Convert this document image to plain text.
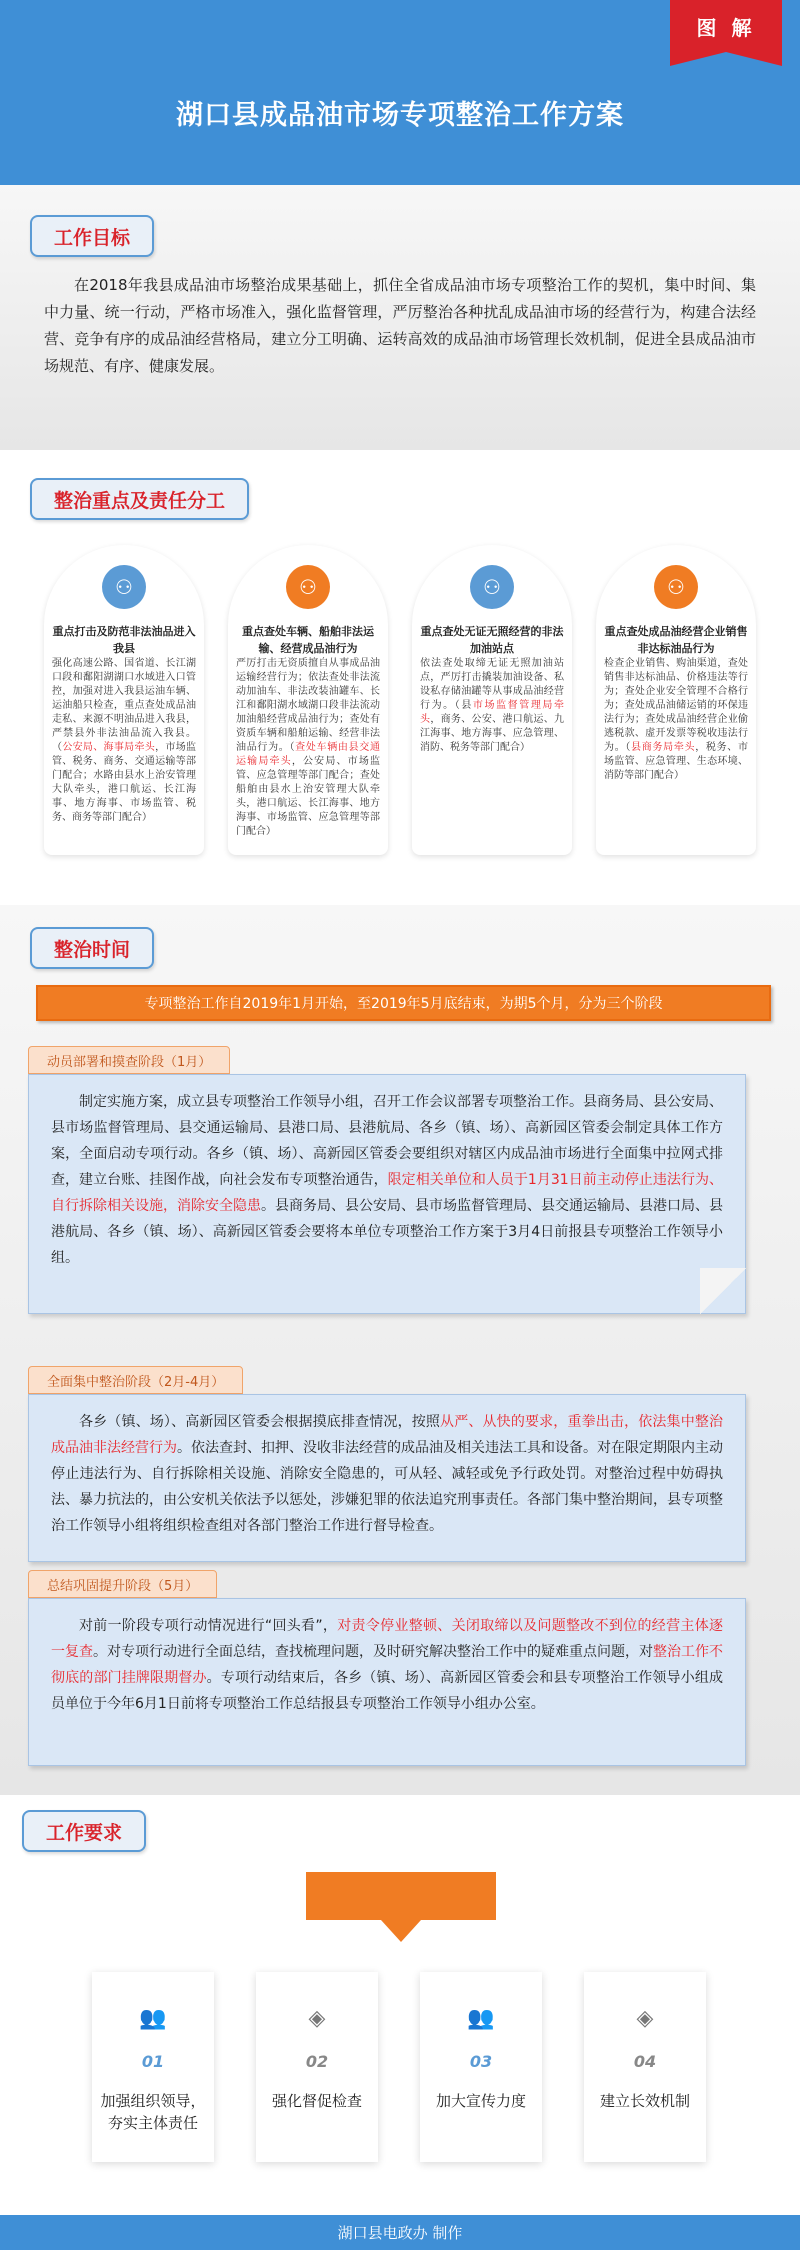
图 解
湖口县成品油市场专项整治工作方案
工作目标
在2018年我县成品油市场整治成果基础上，抓住全省成品油市场专项整治工作的契机，集中时间、集中力量、统一行动，严格市场准入，强化监督管理，严厉整治各种扰乱成品油市场的经营行为，构建合法经营、竞争有序的成品油经营格局，建立分工明确、运转高效的成品油市场管理长效机制，促进全县成品油市场规范、有序、健康发展。
整治重点及责任分工
⚇
重点打击及防范非法油品进入我县
强化高速公路、国省道、长江湖口段和鄱阳湖湖口水域进入口管控，加强对进入我县运油车辆、运油船只检查，重点查处成品油走私、来源不明油品进入我县，严禁县外非法油品流入我县。（公安局、海事局牵头，市场监管、税务、商务、交通运输等部门配合；水路由县水上治安管理大队牵头，港口航运、长江海事、地方海事、市场监管、税务、商务等部门配合）
⚇
重点查处车辆、船舶非法运输、经营成品油行为
严厉打击无资质擅自从事成品油运输经营行为；依法查处非法流动加油车、非法改装油罐车、长江和鄱阳湖水域湖口段非法流动加油船经营成品油行为；查处有资质车辆和船舶运输、经营非法油品行为。（查处车辆由县交通运输局牵头，公安局、市场监管、应急管理等部门配合；查处船舶由县水上治安管理大队牵头，港口航运、长江海事、地方海事、市场监管、应急管理等部门配合）
⚇
重点查处无证无照经营的非法加油站点
依法查处取缔无证无照加油站点，严厉打击撬装加油设备、私设私存储油罐等从事成品油经营行为。（县市场监督管理局牵头，商务、公安、港口航运、九江海事、地方海事、应急管理、消防、税务等部门配合）
⚇
重点查处成品油经营企业销售非达标油品行为
检查企业销售、购油渠道，查处销售非达标油品、价格违法等行为；查处企业安全管理不合格行为；查处成品油储运销的环保违法行为；查处成品油经营企业偷逃税款、虚开发票等税收违法行为。（县商务局牵头，税务、市场监管、应急管理、生态环境、消防等部门配合）
整治时间
专项整治工作自2019年1月开始，至2019年5月底结束，为期5个月，分为三个阶段
动员部署和摸查阶段（1月）
制定实施方案，成立县专项整治工作领导小组，召开工作会议部署专项整治工作。县商务局、县公安局、县市场监督管理局、县交通运输局、县港口局、县港航局、各乡（镇、场）、高新园区管委会制定具体工作方案，全面启动专项行动。各乡（镇、场）、高新园区管委会要组织对辖区内成品油市场进行全面集中拉网式排查，建立台账、挂图作战，向社会发布专项整治通告，限定相关单位和人员于1月31日前主动停止违法行为、自行拆除相关设施，消除安全隐患。县商务局、县公安局、县市场监督管理局、县交通运输局、县港口局、县港航局、各乡（镇、场）、高新园区管委会要将本单位专项整治工作方案于3月4日前报县专项整治工作领导小组。
全面集中整治阶段（2月-4月）
各乡（镇、场）、高新园区管委会根据摸底排查情况，按照从严、从快的要求，重拳出击，依法集中整治成品油非法经营行为。依法查封、扣押、没收非法经营的成品油及相关违法工具和设备。对在限定期限内主动停止违法行为、自行拆除相关设施、消除安全隐患的，可从轻、减轻或免予行政处罚。对整治过程中妨碍执法、暴力抗法的，由公安机关依法予以惩处，涉嫌犯罪的依法追究刑事责任。各部门集中整治期间，县专项整治工作领导小组将组织检查组对各部门整治工作进行督导检查。
总结巩固提升阶段（5月）
对前一阶段专项行动情况进行“回头看”，对责令停业整顿、关闭取缔以及问题整改不到位的经营主体逐一复查。对专项行动进行全面总结，查找梳理问题，及时研究解决整治工作中的疑难重点问题，对整治工作不彻底的部门挂牌限期督办。专项行动结束后，各乡（镇、场）、高新园区管委会和县专项整治工作领导小组成员单位于今年6月1日前将专项整治工作总结报县专项整治工作领导小组办公室。
工作要求
👥
01
加强组织领导，夯实主体责任
◈
02
强化督促检查
👥
03
加大宣传力度
◈
04
建立长效机制
湖口县电政办 制作
